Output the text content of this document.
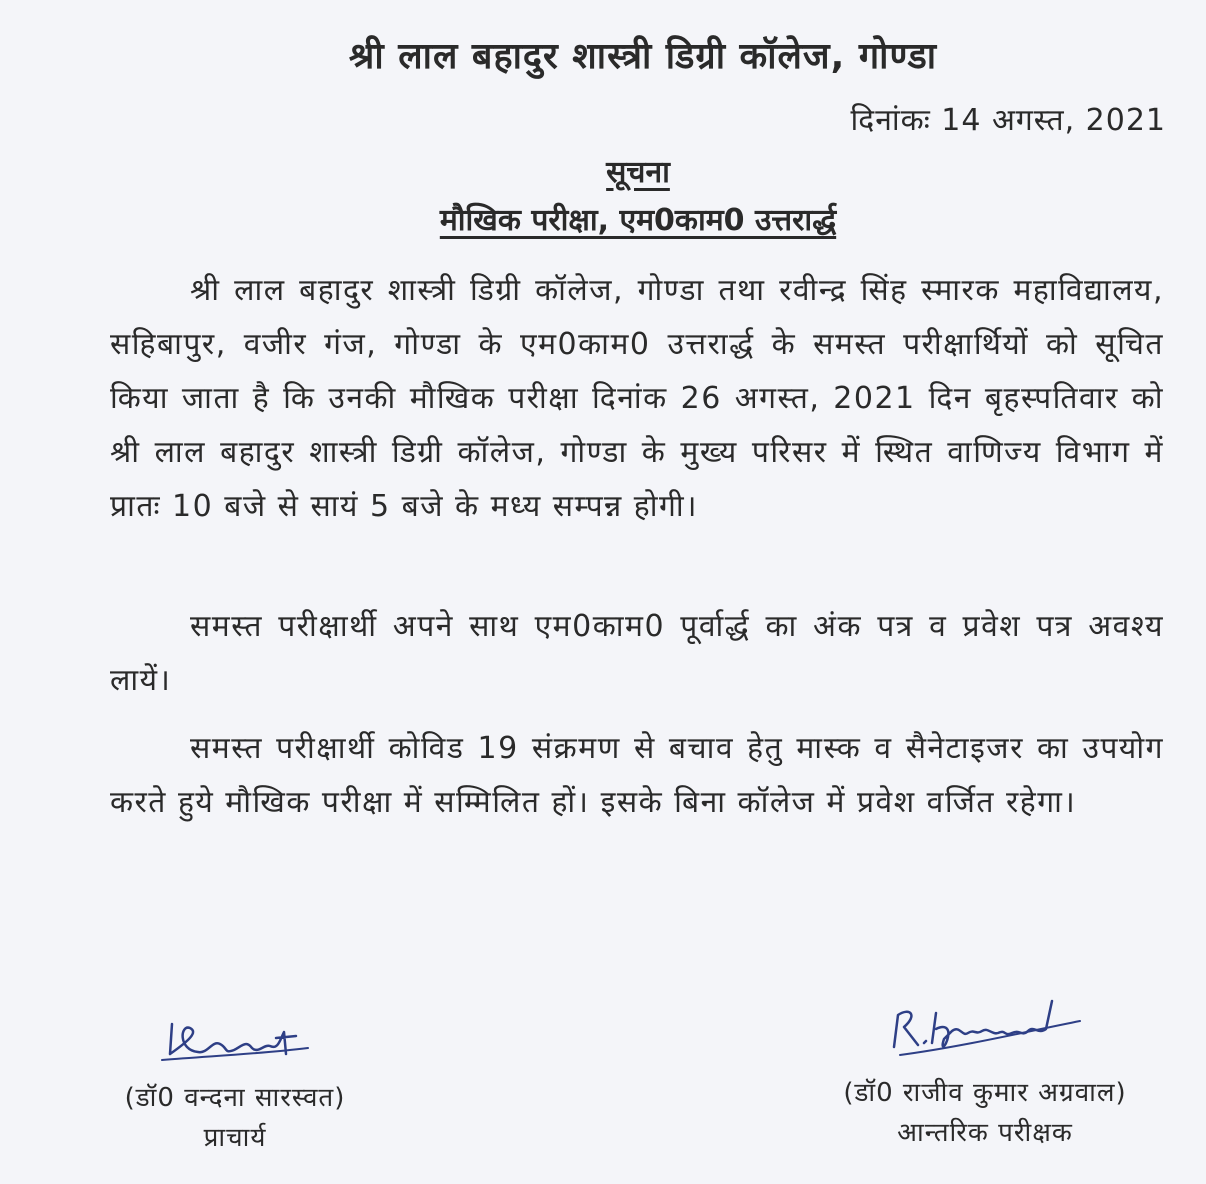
श्री लाल बहादुर शास्त्री डिग्री कॉलेज, गोण्डा
दिनांकः 14 अगस्त, 2021
सूचना
मौखिक परीक्षा, एम0काम0 उत्तरार्द्ध

श्री लाल बहादुर शास्त्री डिग्री कॉलेज, गोण्डा तथा रवीन्द्र सिंह स्मारक महाविद्यालय, सहिबापुर, वजीर गंज, गोण्डा के एम0काम0 उत्तरार्द्ध के समस्त परीक्षार्थियों को सूचित किया जाता है कि उनकी मौखिक परीक्षा दिनांक 26 अगस्त, 2021 दिन बृहस्पतिवार को श्री लाल बहादुर शास्त्री डिग्री कॉलेज, गोण्डा के मुख्य परिसर में स्थित वाणिज्य विभाग में प्रातः 10 बजे से सायं 5 बजे के मध्य सम्पन्न होगी।

समस्त परीक्षार्थी अपने साथ एम0काम0 पूर्वार्द्ध का अंक पत्र व प्रवेश पत्र अवश्य लायें।

समस्त परीक्षार्थी कोविड 19 संक्रमण से बचाव हेतु मास्क व सैनेटाइजर का उपयोग करते हुये मौखिक परीक्षा में सम्मिलित हों। इसके बिना कॉलेज में प्रवेश वर्जित रहेगा।

(डॉ0 वन्दना सारस्वत)
प्राचार्य
(डॉ0 राजीव कुमार अग्रवाल)
आन्तरिक परीक्षक
